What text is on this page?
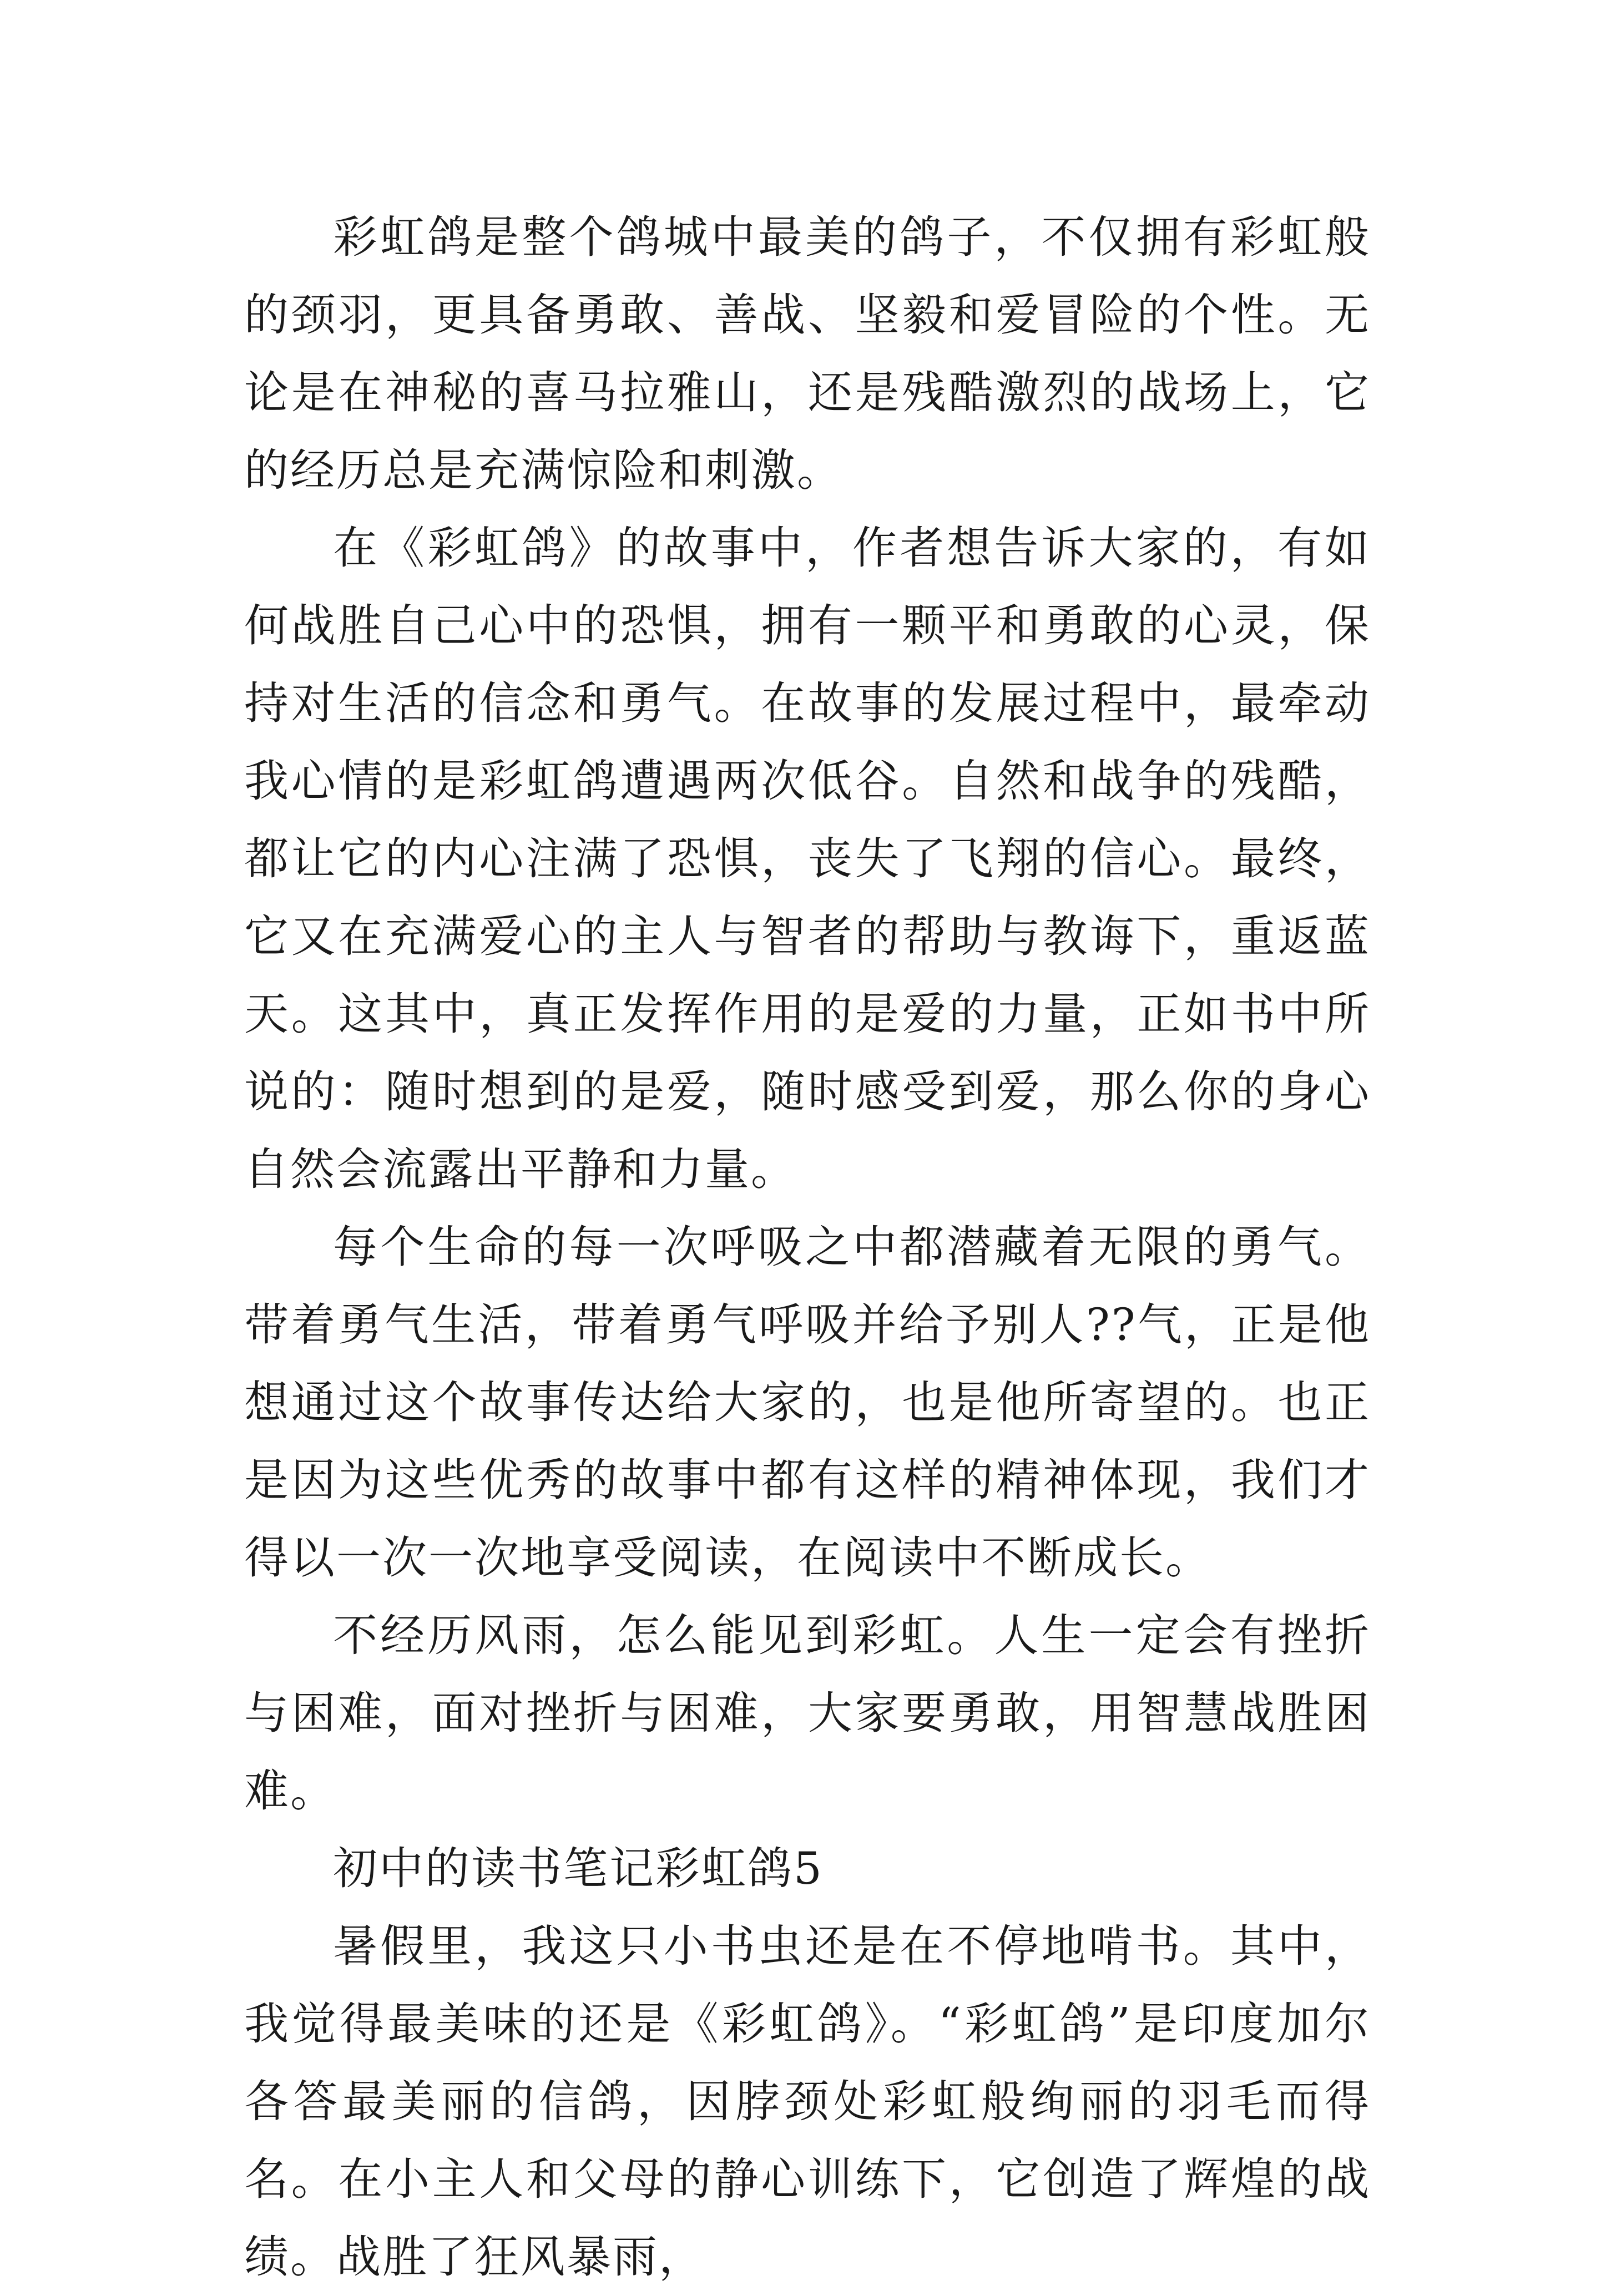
彩虹鸽是整个鸽城中最美的鸽子，不仅拥有彩虹般的颈羽，更具备勇敢、善战、坚毅和爱冒险的个性。无论是在神秘的喜马拉雅山，还是残酷激烈的战场上，它的经历总是充满惊险和刺激。

在《彩虹鸽》的故事中，作者想告诉大家的，有如何战胜自己心中的恐惧，拥有一颗平和勇敢的心灵，保持对生活的信念和勇气。在故事的发展过程中，最牵动我心情的是彩虹鸽遭遇两次低谷。自然和战争的残酷，都让它的内心注满了恐惧，丧失了飞翔的信心。最终，它又在充满爱心的主人与智者的帮助与教诲下，重返蓝天。这其中，真正发挥作用的是爱的力量，正如书中所说的：随时想到的是爱，随时感受到爱，那么你的身心自然会流露出平静和力量。

每个生命的每一次呼吸之中都潜藏着无限的勇气。带着勇气生活，带着勇气呼吸并给予别人??气，正是他想通过这个故事传达给大家的，也是他所寄望的。也正是因为这些优秀的故事中都有这样的精神体现，我们才得以一次一次地享受阅读，在阅读中不断成长。

不经历风雨，怎么能见到彩虹。人生一定会有挫折与困难，面对挫折与困难，大家要勇敢，用智慧战胜困难。

初中的读书笔记彩虹鸽5

暑假里，我这只小书虫还是在不停地啃书。其中，我觉得最美味的还是《彩虹鸽》。“彩虹鸽”是印度加尔各答最美丽的信鸽，因脖颈处彩虹般绚丽的羽毛而得名。在小主人和父母的静心训练下，它创造了辉煌的战绩。战胜了狂风暴雨，
